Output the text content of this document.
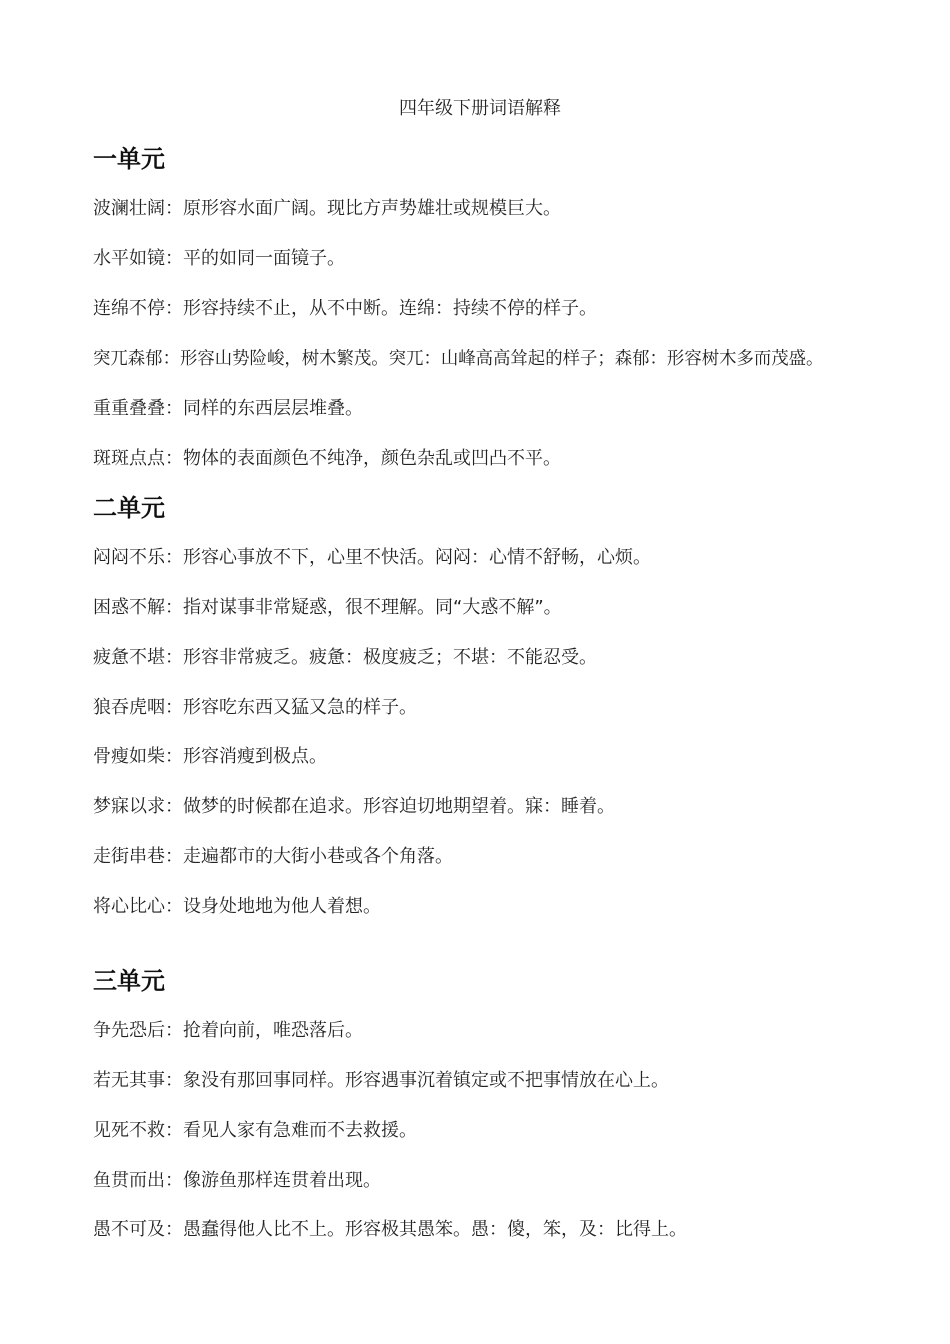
四年级下册词语解释
一单元
波澜壮阔：原形容水面广阔。现比方声势雄壮或规模巨大。
水平如镜：平的如同一面镜子。
连绵不停：形容持续不止，从不中断。连绵：持续不停的样子。
突兀森郁：形容山势险峻，树木繁茂。突兀：山峰高高耸起的样子；森郁：形容树木多而茂盛。
重重叠叠：同样的东西层层堆叠。
斑斑点点：物体的表面颜色不纯净，颜色杂乱或凹凸不平。
二单元
闷闷不乐：形容心事放不下，心里不快活。闷闷：心情不舒畅，心烦。
困惑不解：指对谋事非常疑惑，很不理解。同“大惑不解”。
疲惫不堪：形容非常疲乏。疲惫：极度疲乏；不堪：不能忍受。
狼吞虎咽：形容吃东西又猛又急的样子。
骨瘦如柴：形容消瘦到极点。
梦寐以求：做梦的时候都在追求。形容迫切地期望着。寐：睡着。
走街串巷：走遍都市的大街小巷或各个角落。
将心比心：设身处地地为他人着想。
三单元
争先恐后：抢着向前，唯恐落后。
若无其事：象没有那回事同样。形容遇事沉着镇定或不把事情放在心上。
见死不救：看见人家有急难而不去救援。
鱼贯而出：像游鱼那样连贯着出现。
愚不可及：愚蠢得他人比不上。形容极其愚笨。愚：傻，笨，及：比得上。
